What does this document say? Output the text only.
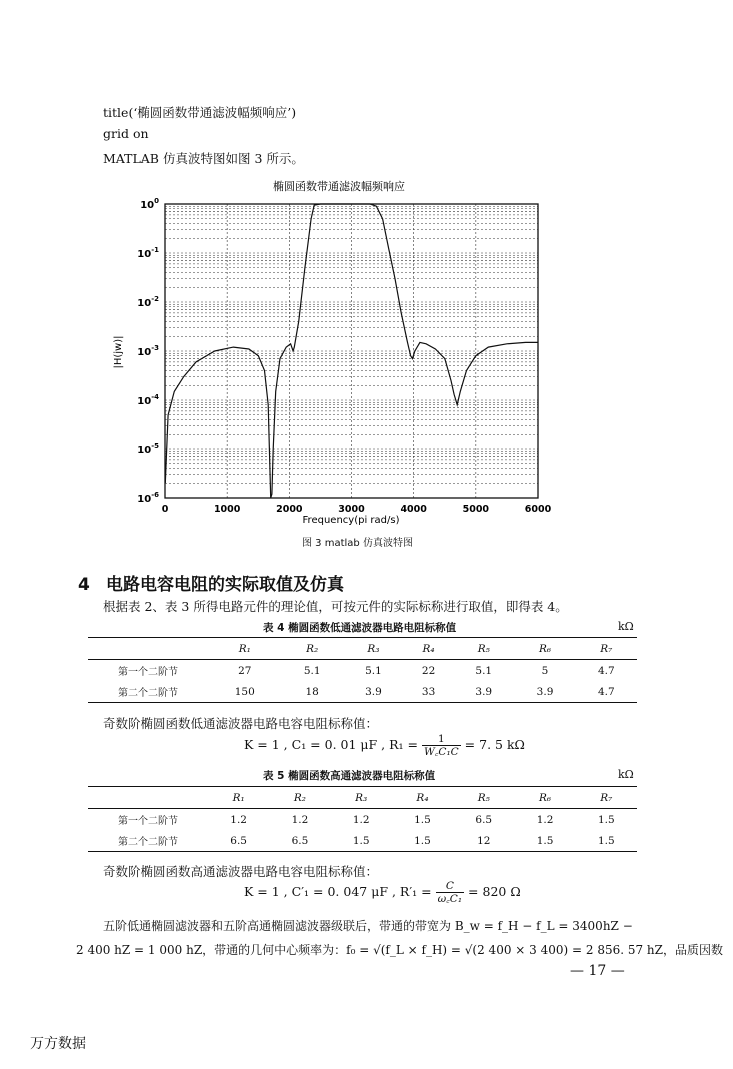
title(‘椭圆函数带通滤波幅频响应’)
grid on
MATLAB 仿真波特图如图 3 所示。
椭圆函数带通滤波幅频响应
$10^0$
$10^{-1}$
$10^{-2}$
$10^{-3}$
$10^{-4}$
$10^{-5}$
$10^{-6}$
0	1000	2000	3000	4000	5000	6000
Frequency(pi rad/s)
|H(jw)|
图 3 matlab 仿真波特图
4 电路电容电阻的实际取值及仿真
根据表 2、表 3 所得电路元件的理论值，可按元件的实际标称进行取值，即得表 4。
表 4 椭圆函数低通滤波器电路电阻标称值	kΩ
	R₁	R₂	R₃	R₄	R₅	R₆	R₇
第一个二阶节	27	5.1	5.1	22	5.1	5	4.7
第二个二阶节	150	18	3.9	33	3.9	3.9	4.7
奇数阶椭圆函数低通滤波器电路电容电阻标称值：
K = 1 , C₁ = 0. 01 μF , $R_1 = \frac{1}{\text{W꜀C₁C}} = 7$. 5 kΩ
表 5 椭圆函数高通滤波器电阻标称值	kΩ
	R₁	R₂	R₃	R₄	R₅	R₆	R₇
第一个二阶节	1.2	1.2	1.2	1.5	6.5	1.2	1.5
第二个二阶节	6.5	6.5	1.5	1.5	12	1.5	1.5
奇数阶椭圆函数高通滤波器电路电容电阻标称值：
K = 1 , C′₁ = 0. 047 μF , $R'_1 = \frac{C}{\text{ω꜀C₁}} = 820$ Ω
五阶低通椭圆滤波器和五阶高通椭圆滤波器级联后，带通的带宽为 B_w = f_H − f_L = 3400hZ −
2 400 hZ = 1 000 hZ，带通的几何中心频率为：f₀ = √(f_L × f_H) = √(2 400 × 3 400) = 2 856. 57 hZ，品质因数
— 17 —
万方数据
